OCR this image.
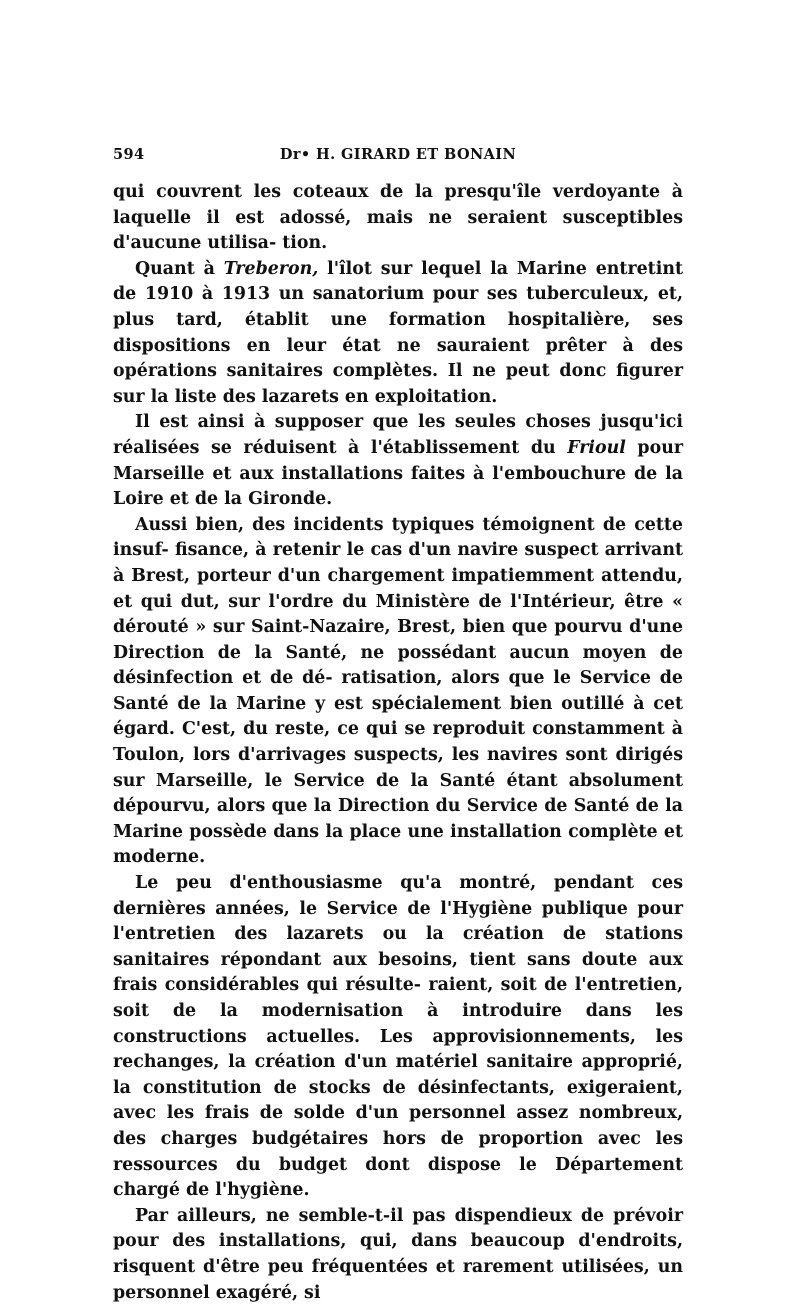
594	Dr• H. GIRARD ET BONAIN

qui couvrent les coteaux de la presqu'île verdoyante à laquelle il est adossé, mais ne seraient susceptibles d'aucune utilisa- tion.

Quant à Treberon, l'îlot sur lequel la Marine entretint de 1910 à 1913 un sanatorium pour ses tuberculeux, et, plus tard, établit une formation hospitalière, ses dispositions en leur état ne sauraient prêter à des opérations sanitaires complètes. Il ne peut donc figurer sur la liste des lazarets en exploitation.

Il est ainsi à supposer que les seules choses jusqu'ici réalisées se réduisent à l'établissement du Frioul pour Marseille et aux installations faites à l'embouchure de la Loire et de la Gironde.

Aussi bien, des incidents typiques témoignent de cette insuf- fisance, à retenir le cas d'un navire suspect arrivant à Brest, porteur d'un chargement impatiemment attendu, et qui dut, sur l'ordre du Ministère de l'Intérieur, être « dérouté » sur Saint-Nazaire, Brest, bien que pourvu d'une Direction de la Santé, ne possédant aucun moyen de désinfection et de dé- ratisation, alors que le Service de Santé de la Marine y est spécialement bien outillé à cet égard. C'est, du reste, ce qui se reproduit constamment à Toulon, lors d'arrivages suspects, les navires sont dirigés sur Marseille, le Service de la Santé étant absolument dépourvu, alors que la Direction du Service de Santé de la Marine possède dans la place une installation complète et moderne.

Le peu d'enthousiasme qu'a montré, pendant ces dernières années, le Service de l'Hygiène publique pour l'entretien des lazarets ou la création de stations sanitaires répondant aux besoins, tient sans doute aux frais considérables qui résulte- raient, soit de l'entretien, soit de la modernisation à introduire dans les constructions actuelles. Les approvisionnements, les rechanges, la création d'un matériel sanitaire approprié, la constitution de stocks de désinfectants, exigeraient, avec les frais de solde d'un personnel assez nombreux, des charges budgétaires hors de proportion avec les ressources du budget dont dispose le Département chargé de l'hygiène.

Par ailleurs, ne semble-t-il pas dispendieux de prévoir pour des installations, qui, dans beaucoup d'endroits, risquent d'être peu fréquentées et rarement utilisées, un personnel exagéré, si
